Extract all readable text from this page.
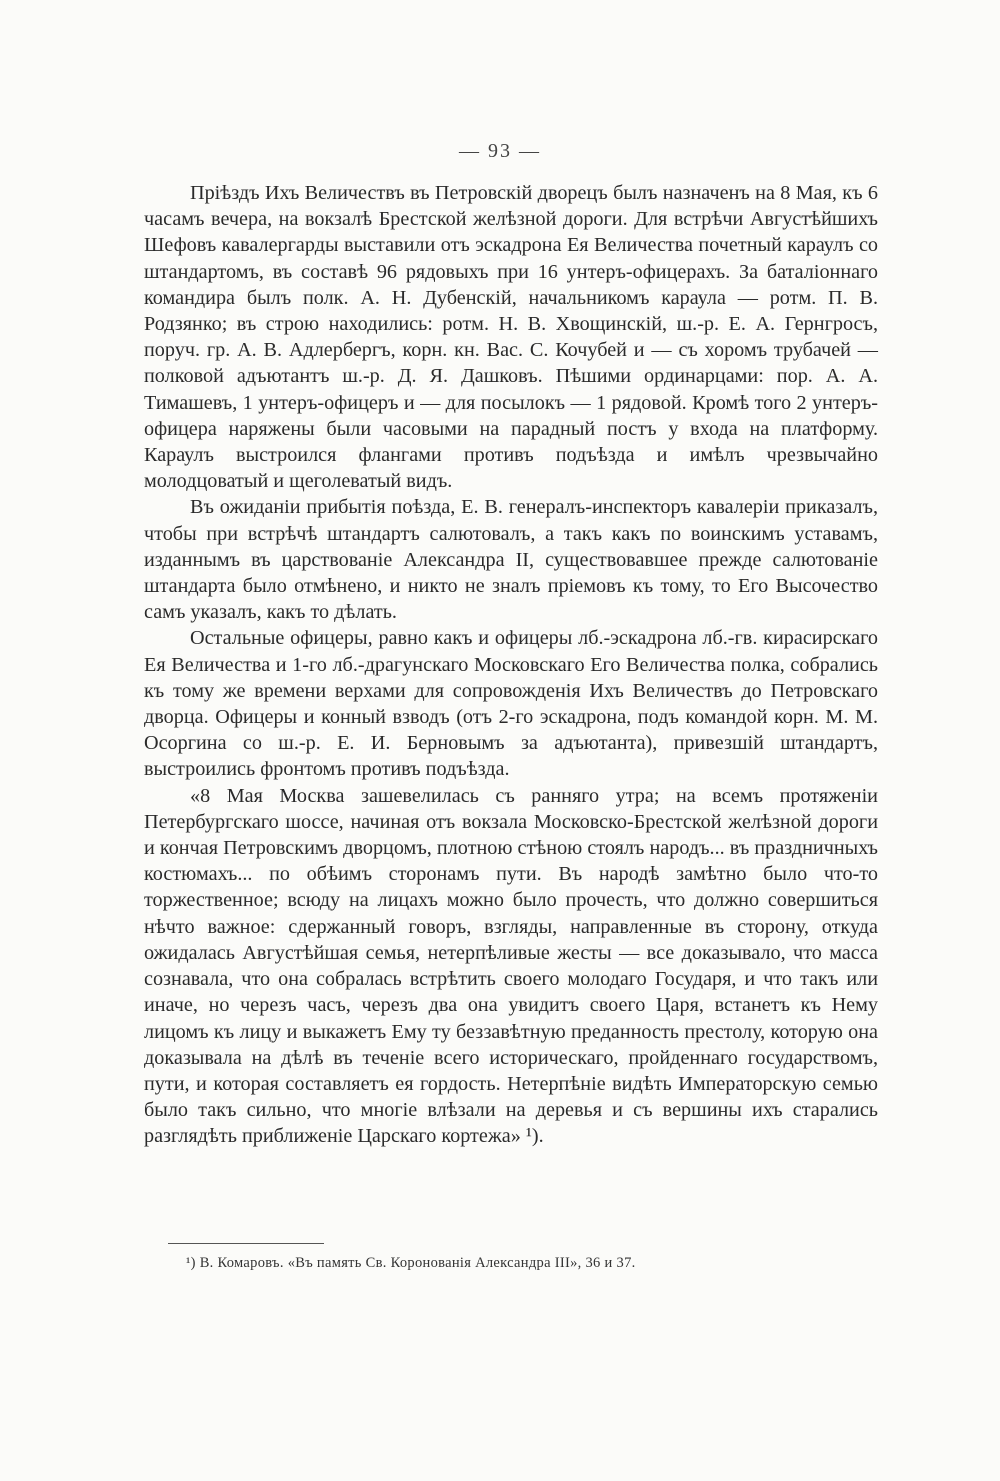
— 93 —

Пріѣздъ Ихъ Величествъ въ Петровскій дворецъ былъ назначенъ на 8 Мая, къ 6 часамъ вечера, на вокзалѣ Брестской желѣзной дороги. Для встрѣчи Августѣйшихъ Шефовъ кавалергарды выставили отъ эскадрона Ея Величества почетный караулъ со штандартомъ, въ составѣ 96 рядовыхъ при 16 унтеръ-офицерахъ. За баталіоннаго командира былъ полк. А. Н. Дубенскій, начальникомъ караула — ротм. П. В. Родзянко; въ строю находились: ротм. Н. В. Хвощинскій, ш.-р. Е. А. Гернгросъ, поруч. гр. А. В. Адлербергъ, корн. кн. Вас. С. Кочубей и — съ хоромъ трубачей — полковой адъютантъ ш.-р. Д. Я. Дашковъ. Пѣшими ординарцами: пор. А. А. Тимашевъ, 1 унтеръ-офицеръ и — для посылокъ — 1 рядовой. Кромѣ того 2 унтеръ-офицера наряжены были часовыми на парадный постъ у входа на платформу. Караулъ выстроился флангами противъ подъѣзда и имѣлъ чрезвычайно молодцоватый и щеголеватый видъ.

Въ ожиданіи прибытія поѣзда, Е. В. генералъ-инспекторъ кавалеріи приказалъ, чтобы при встрѣчѣ штандартъ салютовалъ, а такъ какъ по воинскимъ уставамъ, изданнымъ въ царствованіе Александра II, существовавшее прежде салютованіе штандарта было отмѣнено, и никто не зналъ пріемовъ къ тому, то Его Высочество самъ указалъ, какъ то дѣлать.

Остальные офицеры, равно какъ и офицеры лб.-эскадрона лб.-гв. кирасирскаго Ея Величества и 1-го лб.-драгунскаго Московскаго Его Величества полка, собрались къ тому же времени верхами для сопровожденія Ихъ Величествъ до Петровскаго дворца. Офицеры и конный взводъ (отъ 2-го эскадрона, подъ командой корн. М. М. Осоргина со ш.-р. Е. И. Берновымъ за адъютанта), привезшій штандартъ, выстроились фронтомъ противъ подъѣзда.

«8 Мая Москва зашевелилась съ ранняго утра; на всемъ протяженіи Петербургскаго шоссе, начиная отъ вокзала Московско-Брестской желѣзной дороги и кончая Петровскимъ дворцомъ, плотною стѣною стоялъ народъ... въ праздничныхъ костюмахъ... по обѣимъ сторонамъ пути. Въ народѣ замѣтно было что-то торжественное; всюду на лицахъ можно было прочесть, что должно совершиться нѣчто важное: сдержанный говоръ, взгляды, направленные въ сторону, откуда ожидалась Августѣйшая семья, нетерпѣливые жесты — все доказывало, что масса сознавала, что она собралась встрѣтить своего молодаго Государя, и что такъ или иначе, но черезъ часъ, черезъ два она увидитъ своего Царя, встанетъ къ Нему лицомъ къ лицу и выкажетъ Ему ту беззавѣтную преданность престолу, которую она доказывала на дѣлѣ въ теченіе всего историческаго, пройденнаго государствомъ, пути, и которая составляетъ ея гордость. Нетерпѣніе видѣть Императорскую семью было такъ сильно, что многіе влѣзали на деревья и съ вершины ихъ старались разглядѣть приближеніе Царскаго кортежа» ¹).

¹) В. Комаровъ. «Въ память Св. Коронованія Александра III», 36 и 37.
